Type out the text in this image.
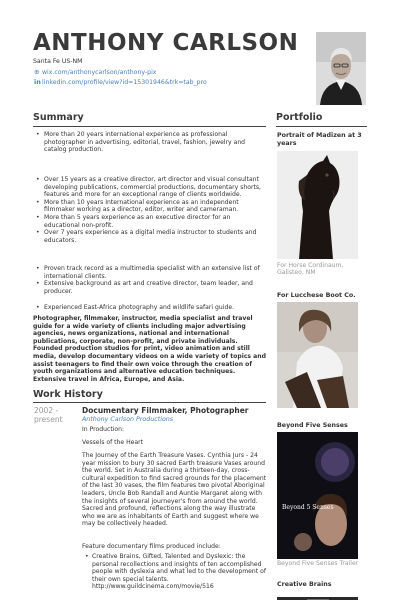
ANTHONY CARLSON
Santa Fe US-NM
⊕ wix.com/anthonycarlson/anthony-pix
inlinkedin.com/profile/view?id=15301946&trk=tab_pro
Summary
• More than 20 years international experience as professional photographer in advertising, editorial, travel, fashion, jewelry and catalog production.
• Over 15 years as a creative director, art director and visual consultant developing publications, commercial productions, documentary shorts, features and more for an exceptional range of clients worldwide.
• More than 10 years International experience as an independent filmmaker working as a director, editor, writer and cameraman.
• More than 5 years experience as an executive director for an educational non-profit.
• Over 7 years experience as a digital media instructor to students and educators.
• Proven track record as a multimedia specialist with an extensive list of international clients.
• Extensive background as art and creative director, team leader, and producer.
• Experienced East-Africa photography and wildlife safari guide.

Photographer, filmmaker, instructor, media specialist and travel guide for a wide variety of clients including major advertising agencies, news organizations, national and international publications, corporate, non-profit, and private individuals. Founded production studios for print, video animation and still media, develop documentary videos on a wide variety of topics and assist teenagers to find their own voice through the creation of youth organizations and alternative education techniques. Extensive travel in Africa, Europe, and Asia.

Work History
2002 - present
Documentary Filmmaker, Photographer
Anthony Carlson Productions

In Production:

Vessels of the Heart

The Journey of the Earth Treasure Vases. Cynthia Jurs - 24 year mission to bury 30 sacred Earth treasure Vases around the world. Set in Australia during a thirteen-day, cross-cultural expedition to find sacred grounds for the placement of the last 30 vases, the film features two pivotal Aboriginal leaders, Uncle Bob Randall and Auntie Margaret along with the insights of several journeyer's from around the world. Sacred and profound, reflections along the way illustrate who we are as inhabitants of Earth and suggest where we may be collectively headed.

Feature documentary films produced include:

• Creative Brains, Gifted, Talented and Dyslexic: the personal recollections and insights of ten accomplished people with dyslexia and what led to the development of their own special talents. http://www.guildcinema.com/movie/516
Portfolio

Portrait of Madizen at 3 years

For Horse Cordinaum, Galisteo, NM

For Lucchese Boot Co.

Beyond Five Senses

Beyond 5 Senses
Beyond Five Senses Trailer

Creative Brains
